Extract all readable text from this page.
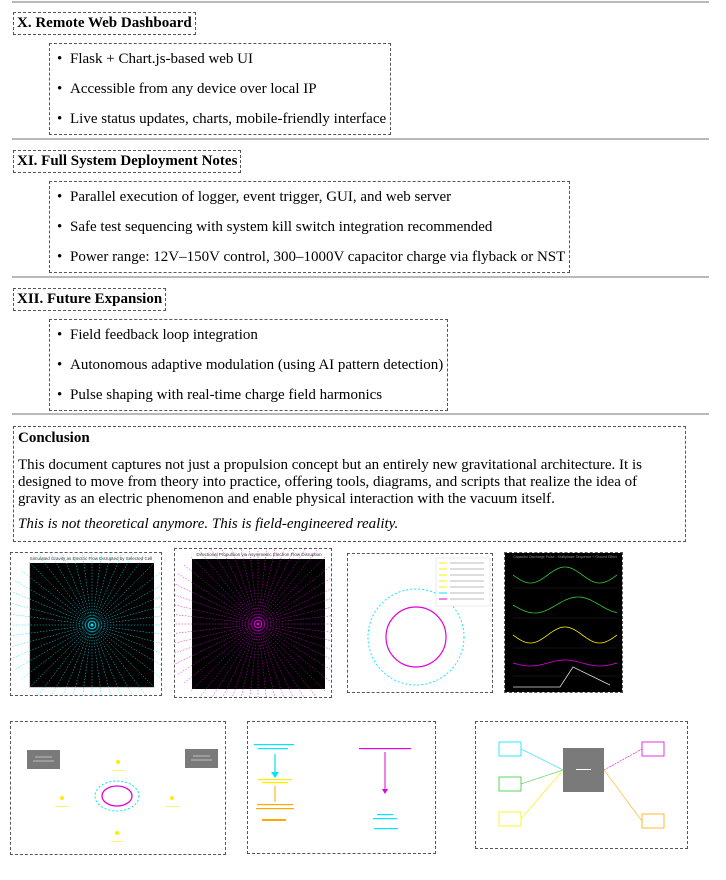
X. Remote Web Dashboard
• Flask + Chart.js-based web UI
• Accessible from any device over local IP
• Live status updates, charts, mobile-friendly interface
XI. Full System Deployment Notes
• Parallel execution of logger, event trigger, GUI, and web server
• Safe test sequencing with system kill switch integration recommended
• Power range: 12V–150V control, 300–1000V capacitor charge via flyback or NST
XII. Future Expansion
• Field feedback loop integration
• Autonomous adaptive modulation (using AI pattern detection)
• Pulse shaping with real-time charge field harmonics
Conclusion

This document captures not just a propulsion concept but an entirely new gravitational architecture. It is designed to move from theory into practice, offering tools, diagrams, and scripts that realize the idea of gravity as an electric phenomenon and enable physical interaction with the vacuum itself.

This is not theoretical anymore. This is field-engineered reality.

Simulated Gravity as Electric Flow Disrupted by Selected Cell
Directional Propulsion via Asymmetric Electron Flow Disruption	Capacitor Discharge Pulse - Multiphase Sequence + Ground Effect
